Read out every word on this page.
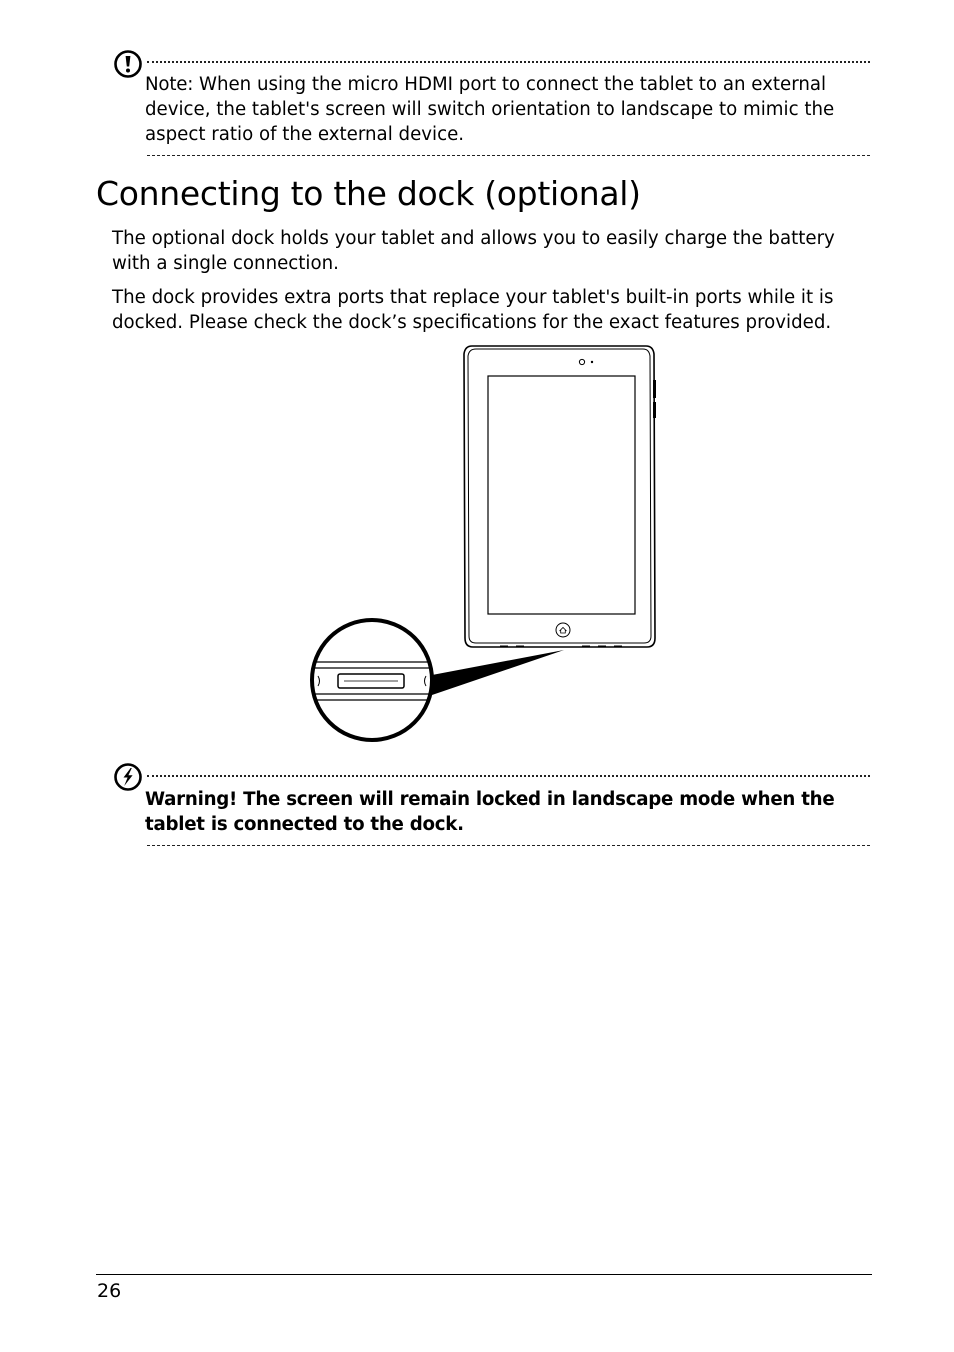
Note: When using the micro HDMI port to connect the tablet to an external device, the tablet's screen will switch orientation to landscape to mimic the aspect ratio of the external device.

Connecting to the dock (optional)

The optional dock holds your tablet and allows you to easily charge the battery with a single connection.

The dock provides extra ports that replace your tablet's built-in ports while it is docked. Please check the dock’s specifications for the exact features provided.

Warning! The screen will remain locked in landscape mode when the tablet is connected to the dock.

26
